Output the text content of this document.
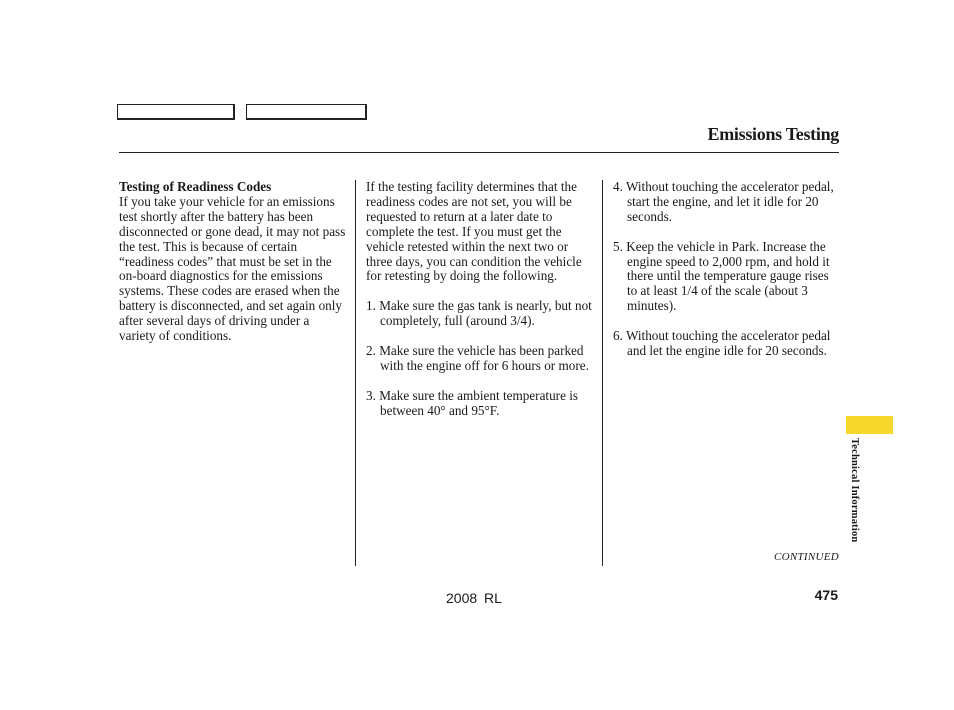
Emissions Testing

Testing of Readiness Codes

If you take your vehicle for an emissions test shortly after the battery has been disconnected or gone dead, it may not pass the test. This is because of certain “readiness codes” that must be set in the on-board diagnostics for the emissions systems. These codes are erased when the battery is disconnected, and set again only after several days of driving under a variety of conditions.

If the testing facility determines that the readiness codes are not set, you will be requested to return at a later date to complete the test. If you must get the vehicle retested within the next two or three days, you can condition the vehicle for retesting by doing the following.

1. Make sure the gas tank is nearly, but not completely, full (around 3/4).

2. Make sure the vehicle has been parked with the engine off for 6 hours or more.

3. Make sure the ambient temperature is between 40° and 95°F.

4. Without touching the accelerator pedal, start the engine, and let it idle for 20 seconds.

5. Keep the vehicle in Park. Increase the engine speed to 2,000 rpm, and hold it there until the temperature gauge rises to at least 1/4 of the scale (about 3 minutes).

6. Without touching the accelerator pedal and let the engine idle for 20 seconds.

Technical Information
CONTINUED
2008 RL	475
